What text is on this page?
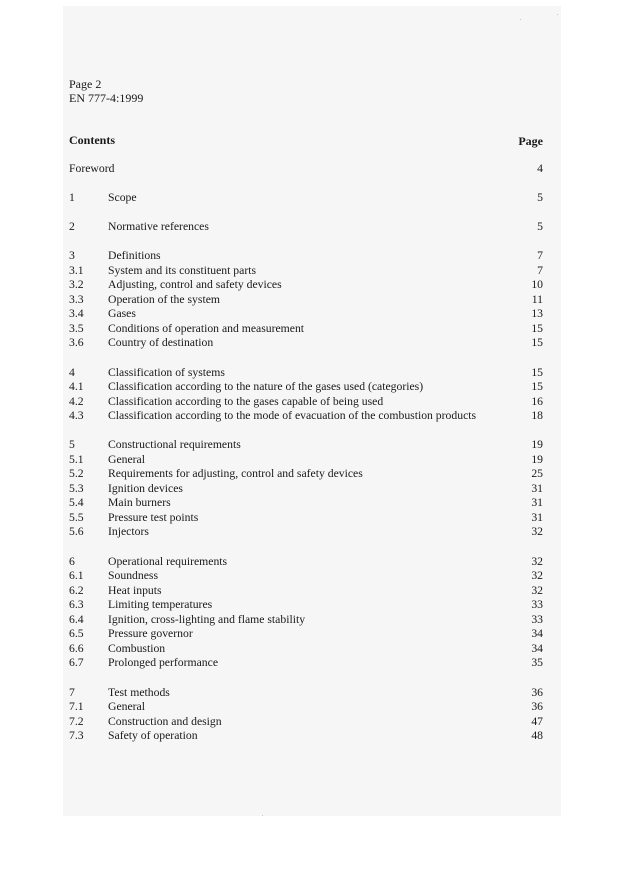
Page 2
EN 777-4:1999
Contents	Page
Foreword	4
1	Scope	5
2	Normative references	5
3	Definitions	7
3.1 System and its constituent parts	7
3.2 Adjusting, control and safety devices	10
3.3 Operation of the system	11
3.4 Gases	13
3.5 Conditions of operation and measurement	15
3.6 Country of destination	15
4	Classification of systems	15
4.1 Classification according to the nature of the gases used (categories)	15
4.2 Classification according to the gases capable of being used	16
4.3 Classification according to the mode of evacuation of the combustion products	18
5	Constructional requirements	19
5.1 General	19
5.2 Requirements for adjusting, control and safety devices	25
5.3 Ignition devices	31
5.4 Main burners	31
5.5 Pressure test points	31
5.6 Injectors	32
6	Operational requirements	32
6.1 Soundness	32
6.2 Heat inputs	32
6.3 Limiting temperatures	33
6.4 Ignition, cross-lighting and flame stability	33
6.5 Pressure governor	34
6.6 Combustion	34
6.7 Prolonged performance	35
7	Test methods	36
7.1 General	36
7.2 Construction and design	47
7.3 Safety of operation	48
